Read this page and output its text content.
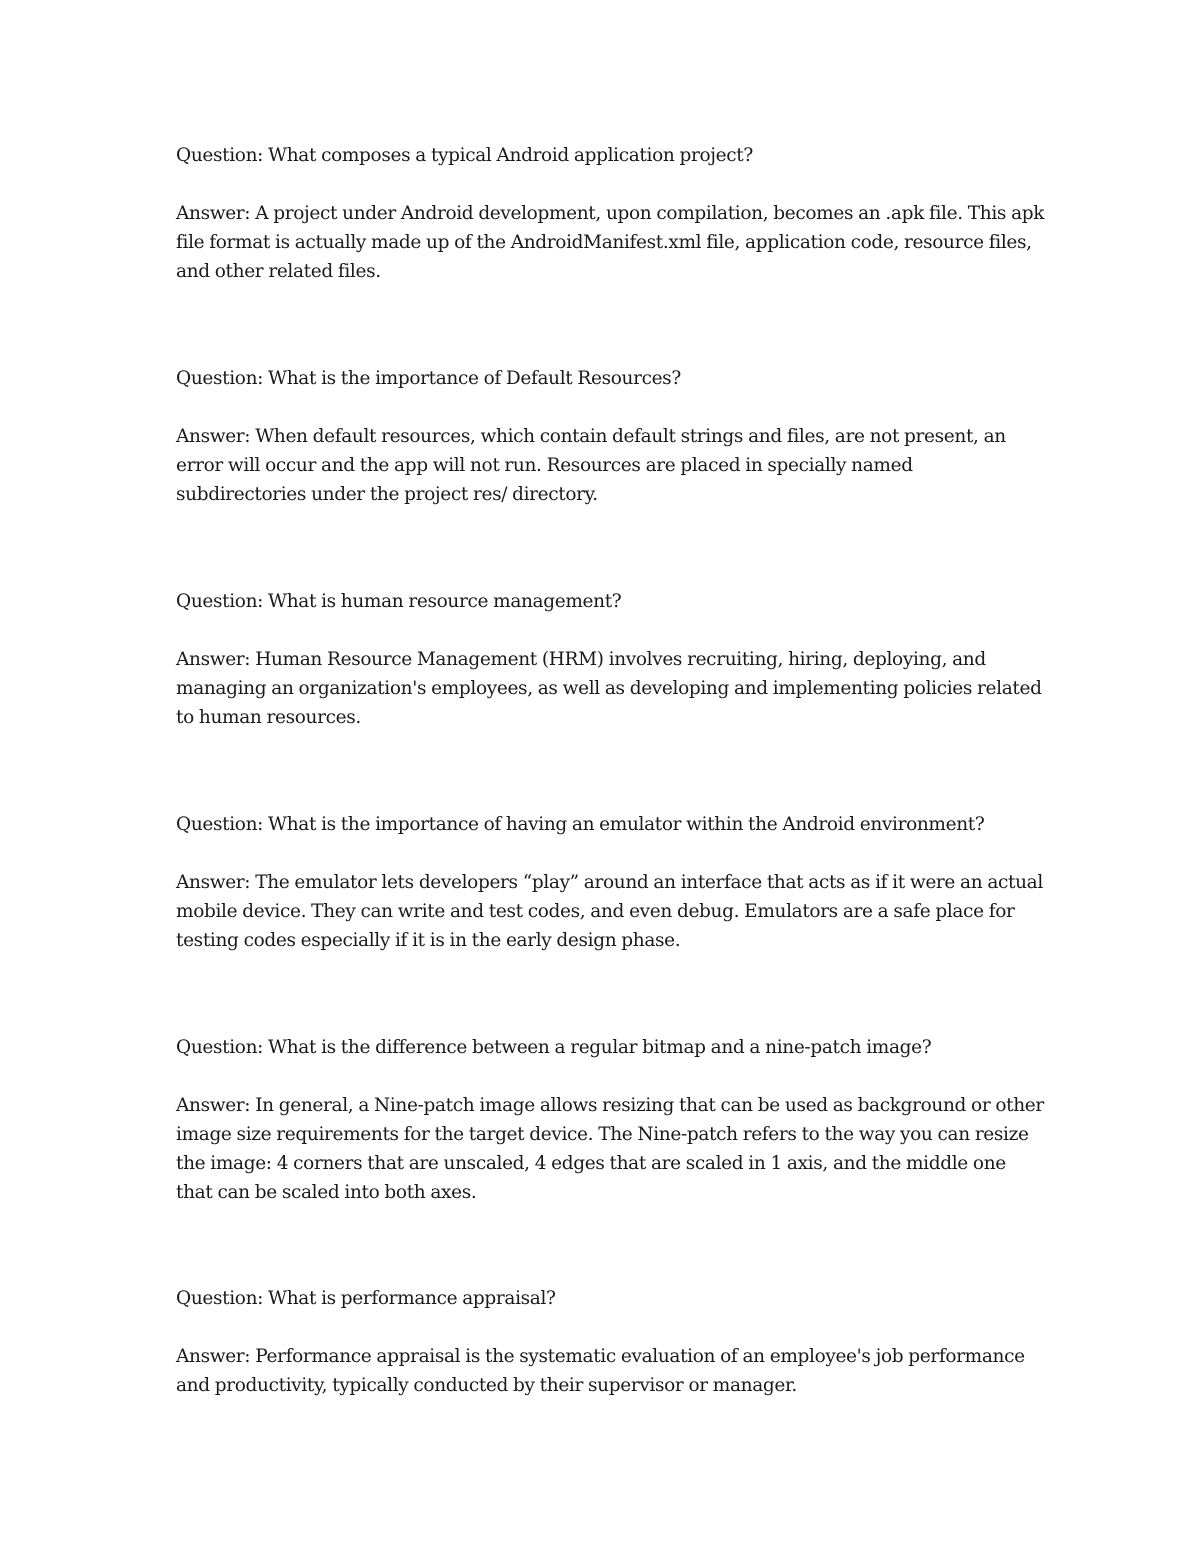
Question: What composes a typical Android application project?

Answer: A project under Android development, upon compilation, becomes an .apk file. This apk file format is actually made up of the AndroidManifest.xml file, application code, resource files, and other related files.

Question: What is the importance of Default Resources?

Answer: When default resources, which contain default strings and files, are not present, an error will occur and the app will not run. Resources are placed in specially named subdirectories under the project res/ directory.

Question: What is human resource management?

Answer: Human Resource Management (HRM) involves recruiting, hiring, deploying, and managing an organization's employees, as well as developing and implementing policies related to human resources.

Question: What is the importance of having an emulator within the Android environment?

Answer: The emulator lets developers “play” around an interface that acts as if it were an actual mobile device. They can write and test codes, and even debug. Emulators are a safe place for testing codes especially if it is in the early design phase.

Question: What is the difference between a regular bitmap and a nine-patch image?

Answer: In general, a Nine-patch image allows resizing that can be used as background or other image size requirements for the target device. The Nine-patch refers to the way you can resize the image: 4 corners that are unscaled, 4 edges that are scaled in 1 axis, and the middle one that can be scaled into both axes.

Question: What is performance appraisal?

Answer: Performance appraisal is the systematic evaluation of an employee's job performance and productivity, typically conducted by their supervisor or manager.
